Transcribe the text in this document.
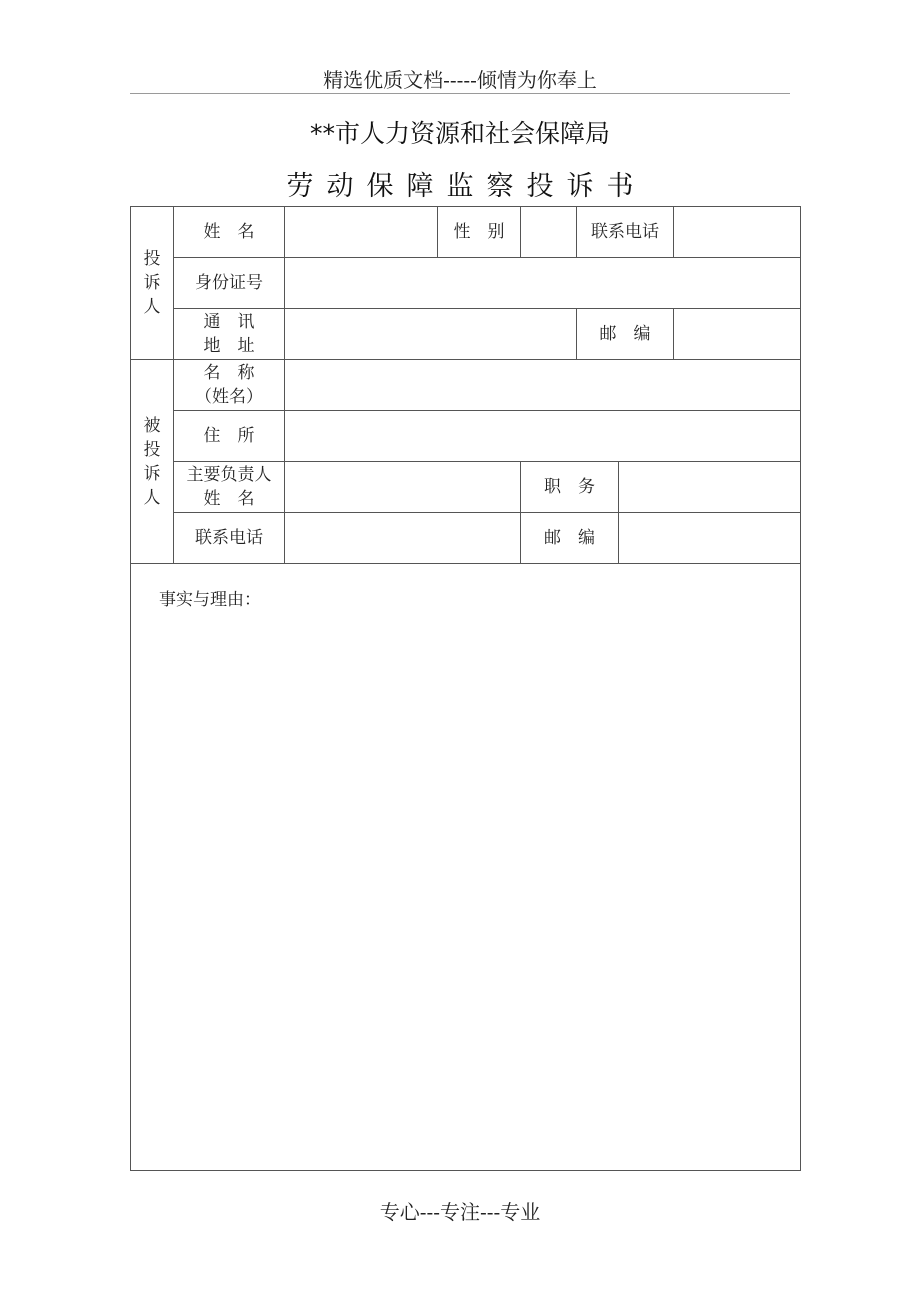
精选优质文档-----倾情为你奉上
**市人力资源和社会保障局
劳动保障监察投诉书
投
诉
人	姓　名		性　别		联系电话		
	身份证号						

	通　讯
地　址				邮　编		

被
投
诉
人	名　称
（姓名）						

	住　所						

	主要负责人
姓　名			职　务			
	联系电话			邮　编			

事实与理由：							
专心---专注---专业
